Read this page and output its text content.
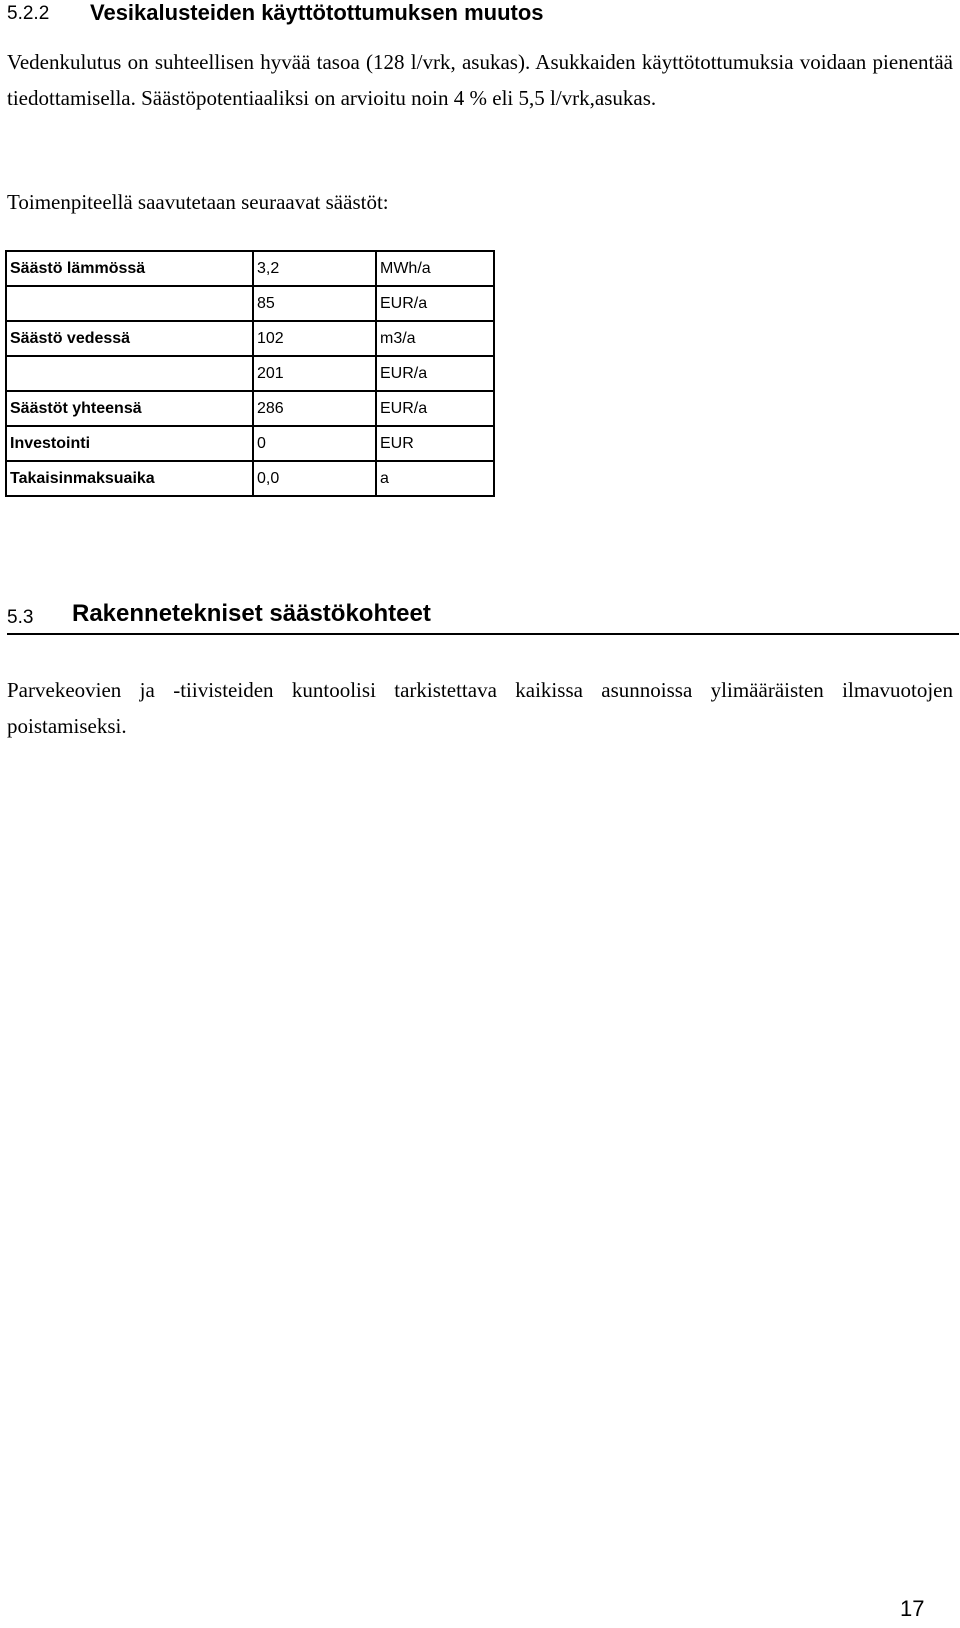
5.2.2 Vesikalusteiden käyttötottumuksen muutos
Vedenkulutus on suhteellisen hyvää tasoa (128 l/vrk, asukas). Asukkaiden käyttötottumuksia voidaan pienentää tiedottamisella. Säästöpotentiaaliksi on arvioitu noin 4 % eli 5,5 l/vrk,asukas.
Toimenpiteellä saavutetaan seuraavat säästöt:
Säästö lämmössä	3,2	MWh/a
	85	EUR/a
Säästö vedessä	102	m3/a
	201	EUR/a
Säästöt yhteensä	286	EUR/a
Investointi	0	EUR
Takaisinmaksuaika	0,0	a
5.3 Rakennetekniset säästökohteet
Parvekeovien ja -tiivisteiden kuntoolisi tarkistettava kaikissa asunnoissa ylimääräisten ilmavuotojen poistamiseksi.
17
